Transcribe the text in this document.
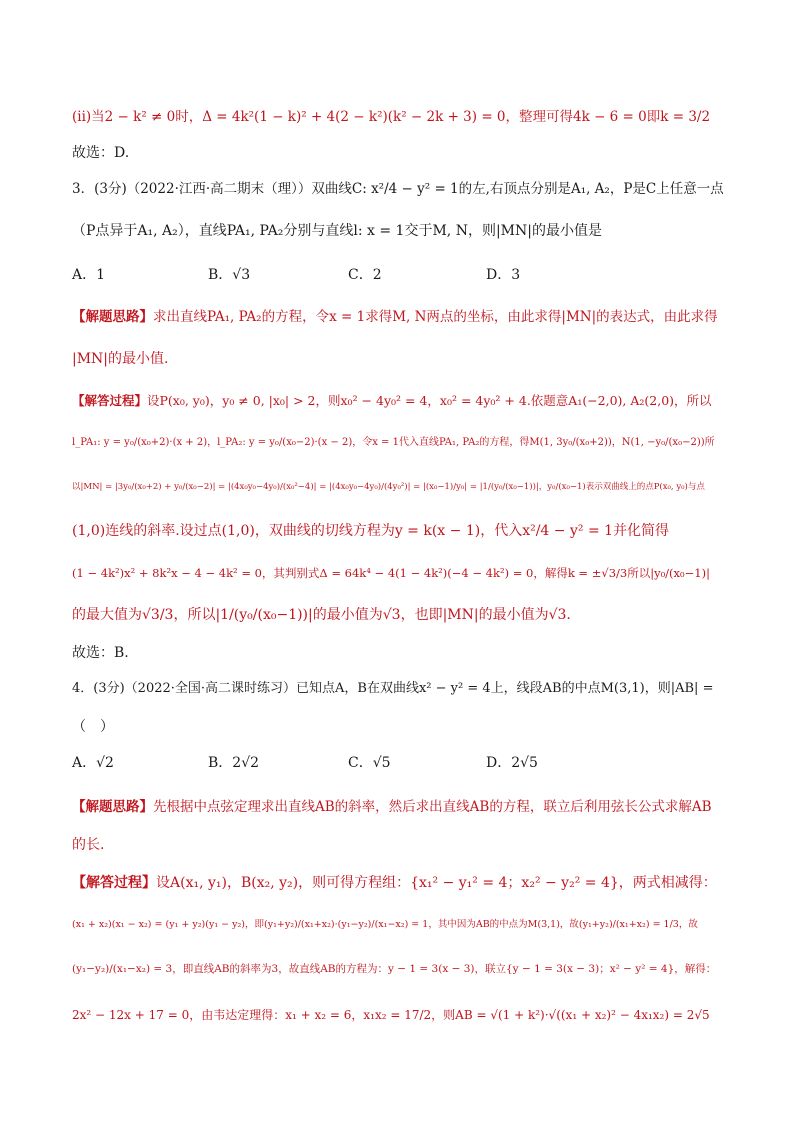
(ii)当2 − k² ≠ 0时，Δ = 4k²(1 − k)² + 4(2 − k²)(k² − 2k + 3) = 0，整理可得4k − 6 = 0即k = 3/2
故选：D.
3．(3分)（2022·江西·高二期末（理））双曲线C: x²/4 − y² = 1的左,右顶点分别是A₁, A₂，P是C上任意一点
（P点异于A₁, A₂），直线PA₁, PA₂分别与直线l: x = 1交于M, N，则|MN|的最小值是
A．1	B．√3	C．2	D．3
【解题思路】求出直线PA₁, PA₂的方程，令x = 1求得M, N两点的坐标，由此求得|MN|的表达式，由此求得
|MN|的最小值.
【解答过程】设P(x₀, y₀)，y₀ ≠ 0, |x₀| > 2，则x₀² − 4y₀² = 4，x₀² = 4y₀² + 4.依题意A₁(−2,0), A₂(2,0)，所以
l_PA₁: y = y₀/(x₀+2)·(x + 2)，l_PA₂: y = y₀/(x₀−2)·(x − 2)，令x = 1代入直线PA₁, PA₂的方程，得M(1, 3y₀/(x₀+2))，N(1, −y₀/(x₀−2))所
以|MN| = |3y₀/(x₀+2) + y₀/(x₀−2)| = |(4x₀y₀−4y₀)/(x₀²−4)| = |(4x₀y₀−4y₀)/(4y₀²)| = |(x₀−1)/y₀| = |1/(y₀/(x₀−1))|，y₀/(x₀−1)表示双曲线上的点P(x₀, y₀)与点
(1,0)连线的斜率.设过点(1,0)，双曲线的切线方程为y = k(x − 1)，代入x²/4 − y² = 1并化简得
(1 − 4k²)x² + 8k²x − 4 − 4k² = 0，其判别式Δ = 64k⁴ − 4(1 − 4k²)(−4 − 4k²) = 0，解得k = ±√3/3所以|y₀/(x₀−1)|
的最大值为√3/3，所以|1/(y₀/(x₀−1))|的最小值为√3，也即|MN|的最小值为√3.
故选：B.
4．(3分)（2022·全国·高二课时练习）已知点A，B在双曲线x² − y² = 4上，线段AB的中点M(3,1)，则|AB| =
（　）
A．√2	B．2√2	C．√5	D．2√5
【解题思路】先根据中点弦定理求出直线AB的斜率，然后求出直线AB的方程，联立后利用弦长公式求解AB
的长.
【解答过程】设A(x₁, y₁)，B(x₂, y₂)，则可得方程组：{x₁² − y₁² = 4；x₂² − y₂² = 4}，两式相减得：
(x₁ + x₂)(x₁ − x₂) = (y₁ + y₂)(y₁ − y₂)，即(y₁+y₂)/(x₁+x₂)·(y₁−y₂)/(x₁−x₂) = 1，其中因为AB的中点为M(3,1)，故(y₁+y₂)/(x₁+x₂) = 1/3，故
(y₁−y₂)/(x₁−x₂) = 3，即直线AB的斜率为3，故直线AB的方程为：y − 1 = 3(x − 3)，联立{y − 1 = 3(x − 3)；x² − y² = 4}，解得：
2x² − 12x + 17 = 0，由韦达定理得：x₁ + x₂ = 6，x₁x₂ = 17/2，则AB = √(1 + k²)·√((x₁ + x₂)² − 4x₁x₂) = 2√5
